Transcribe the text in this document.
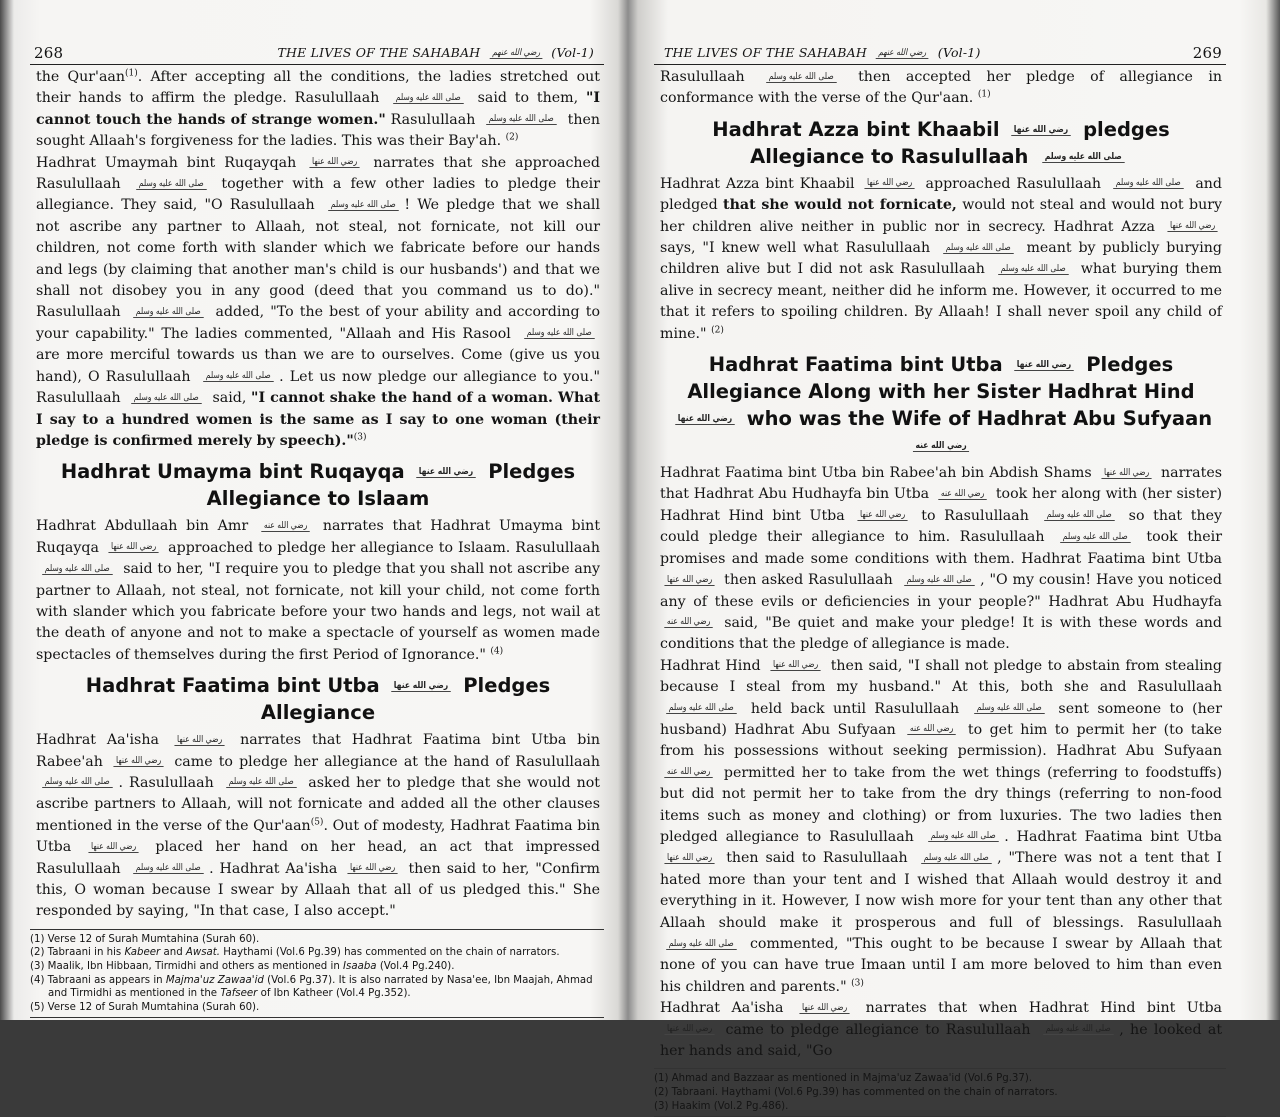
268	THE LIVES OF THE SAHABAH رضي الله عنهم (Vol-1)

the Qur'aan$^{(1)}$. After accepting all the conditions, the ladies stretched out their hands to affirm the pledge. Rasulullaah صلى الله عليه وسلم said to them, "I cannot touch the hands of strange women." Rasulullaah صلى الله عليه وسلم then sought Allaah's forgiveness for the ladies. This was their Bay'ah. $^{(2)}$

Hadhrat Umaymah bint Ruqayqah رضي الله عنها narrates that she approached Rasulullaah صلى الله عليه وسلم together with a few other ladies to pledge their allegiance. They said, "O Rasulullaah صلى الله عليه وسلم ! We pledge that we shall not ascribe any partner to Allaah, not steal, not fornicate, not kill our children, not come forth with slander which we fabricate before our hands and legs (by claiming that another man's child is our husbands') and that we shall not disobey you in any good (deed that you command us to do)." Rasulullaah صلى الله عليه وسلم added, "To the best of your ability and according to your capability." The ladies commented, "Allaah and His Rasool صلى الله عليه وسلم are more merciful towards us than we are to ourselves. Come (give us you hand), O Rasulullaah صلى الله عليه وسلم . Let us now pledge our allegiance to you." Rasulullaah صلى الله عليه وسلم said, "I cannot shake the hand of a woman. What I say to a hundred women is the same as I say to one woman (their pledge is confirmed merely by speech)."$^{(3)}$

Hadhrat Umayma bint Ruqayqa رضي الله عنها Pledges Allegiance to Islaam

Hadhrat Abdullaah bin Amr رضي الله عنه narrates that Hadhrat Umayma bint Ruqayqa رضي الله عنها approached to pledge her allegiance to Islaam. Rasulullaah صلى الله عليه وسلم said to her, "I require you to pledge that you shall not ascribe any partner to Allaah, not steal, not fornicate, not kill your child, not come forth with slander which you fabricate before your two hands and legs, not wail at the death of anyone and not to make a spectacle of yourself as women made spectacles of themselves during the first Period of Ignorance." $^{(4)}$

Hadhrat Faatima bint Utba رضي الله عنها Pledges Allegiance

Hadhrat Aa'isha رضي الله عنها narrates that Hadhrat Faatima bint Utba bin Rabee'ah رضي الله عنها came to pledge her allegiance at the hand of Rasulullaah صلى الله عليه وسلم . Rasulullaah صلى الله عليه وسلم asked her to pledge that she would not ascribe partners to Allaah, will not fornicate and added all the other clauses mentioned in the verse of the Qur'aan$^{(5)}$. Out of modesty, Hadhrat Faatima bin Utba رضي الله عنها placed her hand on her head, an act that impressed Rasulullaah صلى الله عليه وسلم . Hadhrat Aa'isha رضي الله عنها then said to her, "Confirm this, O woman because I swear by Allaah that all of us pledged this." She responded by saying, "In that case, I also accept."

(1) Verse 12 of Surah Mumtahina (Surah 60).
(2) Tabraani in his Kabeer and Awsat. Haythami (Vol.6 Pg.39) has commented on the chain of narrators.
(3) Maalik, Ibn Hibbaan, Tirmidhi and others as mentioned in Isaaba (Vol.4 Pg.240).
(4) Tabraani as appears in Majma'uz Zawaa'id (Vol.6 Pg.37). It is also narrated by Nasa'ee, Ibn Maajah, Ahmad and Tirmidhi as mentioned in the Tafseer of Ibn Katheer (Vol.4 Pg.352).
(5) Verse 12 of Surah Mumtahina (Surah 60).
THE LIVES OF THE SAHABAH رضي الله عنهم (Vol-1)	269

Rasulullaah	صلى الله عليه وسلم then accepted her pledge of allegiance in conformance with the verse of the Qur'aan. $^{(1)}$

Hadhrat Azza bint Khaabil رضي الله عنها pledges Allegiance to Rasulullaah صلى الله عليه وسلم

Hadhrat Azza bint Khaabil رضي الله عنها approached Rasulullaah صلى الله عليه وسلم and pledged that she would not fornicate, would not steal and would not bury her children alive neither in public nor in secrecy. Hadhrat Azza رضي الله عنها says, "I knew well what Rasulullaah صلى الله عليه وسلم meant by publicly burying children alive but I did not ask Rasulullaah صلى الله عليه وسلم what burying them alive in secrecy meant, neither did he inform me. However, it occurred to me that it refers to spoiling children. By Allaah! I shall never spoil any child of mine." $^{(2)}$

Hadhrat Faatima bint Utba رضي الله عنها Pledges Allegiance Along with her Sister Hadhrat Hind رضي الله عنها who was the Wife of Hadhrat Abu Sufyaan رضي الله عنه

Hadhrat Faatima bint Utba bin Rabee'ah bin Abdish Shams رضي الله عنها narrates that Hadhrat Abu Hudhayfa bin Utba رضي الله عنه took her along with (her sister) Hadhrat Hind bint Utba رضي الله عنها to Rasulullaah صلى الله عليه وسلم so that they could pledge their allegiance to him. Rasulullaah صلى الله عليه وسلم took their promises and made some conditions with them. Hadhrat Faatima bint Utba رضي الله عنها then asked Rasulullaah صلى الله عليه وسلم , "O my cousin! Have you noticed any of these evils or deficiencies in your people?" Hadhrat Abu Hudhayfa رضي الله عنه said, "Be quiet and make your pledge! It is with these words and conditions that the pledge of allegiance is made.

Hadhrat Hind رضي الله عنها then said, "I shall not pledge to abstain from stealing because I steal from my husband." At this, both she and Rasulullaah صلى الله عليه وسلم held back until Rasulullaah صلى الله عليه وسلم sent someone to (her husband) Hadhrat Abu Sufyaan رضي الله عنه to get him to permit her (to take from his possessions without seeking permission). Hadhrat Abu Sufyaan رضي الله عنه permitted her to take from the wet things (referring to foodstuffs) but did not permit her to take from the dry things (referring to non-food items such as money and clothing) or from luxuries. The two ladies then pledged allegiance to Rasulullaah صلى الله عليه وسلم . Hadhrat Faatima bint Utba رضي الله عنها then said to Rasulullaah صلى الله عليه وسلم , "There was not a tent that I hated more than your tent and I wished that Allaah would destroy it and everything in it. However, I now wish more for your tent than any other that Allaah should make it prosperous and full of blessings. Rasulullaah صلى الله عليه وسلم commented, "This ought to be because I swear by Allaah that none of you can have true Imaan until I am more beloved to him than even his children and parents." $^{(3)}$

Hadhrat Aa'isha رضي الله عنها narrates that when Hadhrat Hind bint Utba رضي الله عنها came to pledge allegiance to Rasulullaah صلى الله عليه وسلم , he looked at her hands and said, "Go

(1) Ahmad and Bazzaar as mentioned in Majma'uz Zawaa'id (Vol.6 Pg.37).
(2) Tabraani. Haythami (Vol.6 Pg.39) has commented on the chain of narrators.
(3) Haakim (Vol.2 Pg.486).
